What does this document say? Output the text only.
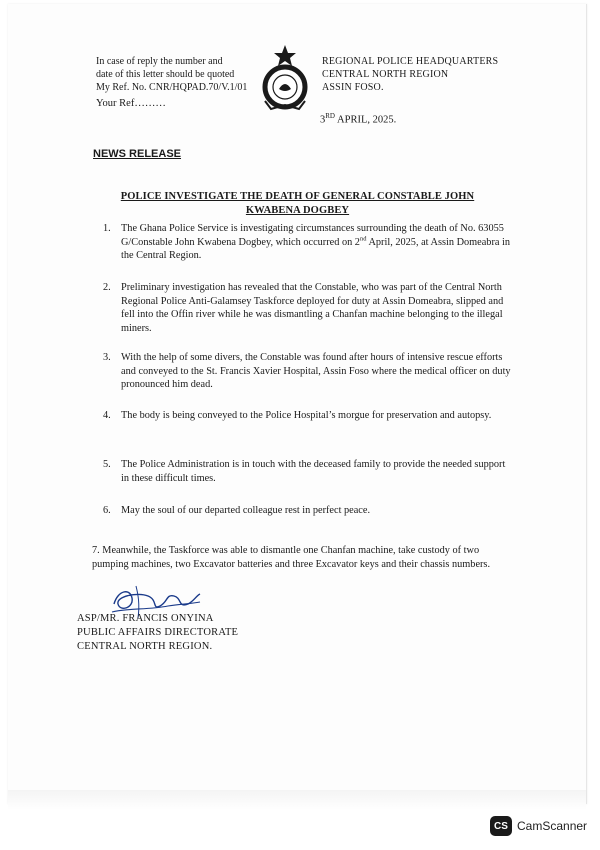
In case of reply the number and
date of this letter should be quoted
My Ref. No. CNR/HQPAD.70/V.1/01
Your Ref………
REGIONAL POLICE HEADQUARTERS
CENTRAL NORTH REGION
ASSIN FOSO.
3RD APRIL, 2025.
NEWS RELEASE
POLICE INVESTIGATE THE DEATH OF GENERAL CONSTABLE JOHN KWABENA DOGBEY
1. The Ghana Police Service is investigating circumstances surrounding the death of No. 63055 G/Constable John Kwabena Dogbey, which occurred on 2nd April, 2025, at Assin Domeabra in the Central Region.
2. Preliminary investigation has revealed that the Constable, who was part of the Central North Regional Police Anti-Galamsey Taskforce deployed for duty at Assin Domeabra, slipped and fell into the Offin river while he was dismantling a Chanfan machine belonging to the illegal miners.
3. With the help of some divers, the Constable was found after hours of intensive rescue efforts and conveyed to the St. Francis Xavier Hospital, Assin Foso where the medical officer on duty pronounced him dead.
4. The body is being conveyed to the Police Hospital’s morgue for preservation and autopsy.
5. The Police Administration is in touch with the deceased family to provide the needed support in these difficult times.
6. May the soul of our departed colleague rest in perfect peace.
7. Meanwhile, the Taskforce was able to dismantle one Chanfan machine, take custody of two pumping machines, two Excavator batteries and three Excavator keys and their chassis numbers.
ASP/MR. FRANCIS ONYINA
PUBLIC AFFAIRS DIRECTORATE
CENTRAL NORTH REGION.
CS CamScanner
